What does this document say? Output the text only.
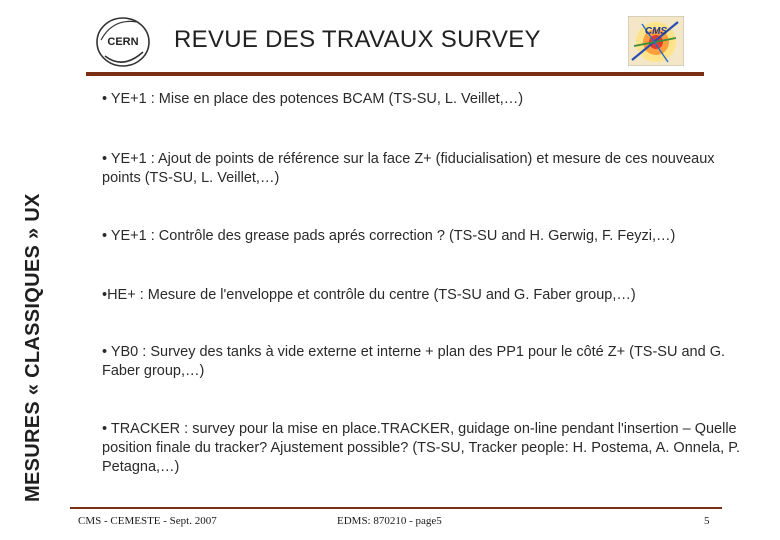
MESURES « CLASSIQUES » UX
CERN REVUE DES TRAVAUX SURVEY	CMS
• YE+1 : Mise en place des potences BCAM (TS-SU, L. Veillet,…)
• YE+1 : Ajout de points de référence sur la face Z+ (fiducialisation) et mesure de ces nouveaux points (TS-SU, L. Veillet,…)
• YE+1 : Contrôle des grease pads aprés correction ? (TS-SU and H. Gerwig, F. Feyzi,…)
•HE+ : Mesure de l'enveloppe et contrôle du centre (TS-SU and G. Faber group,…)
• YB0 : Survey des tanks à vide externe et interne + plan des PP1 pour le côté Z+ (TS-SU and G. Faber group,…)
• TRACKER : survey pour la mise en place.TRACKER, guidage on-line pendant l'insertion – Quelle position finale du tracker? Ajustement possible? (TS-SU, Tracker people: H. Postema, A. Onnela, P. Petagna,…)
CMS - CEMESTE - Sept. 2007	EDMS: 870210 - page5	5
